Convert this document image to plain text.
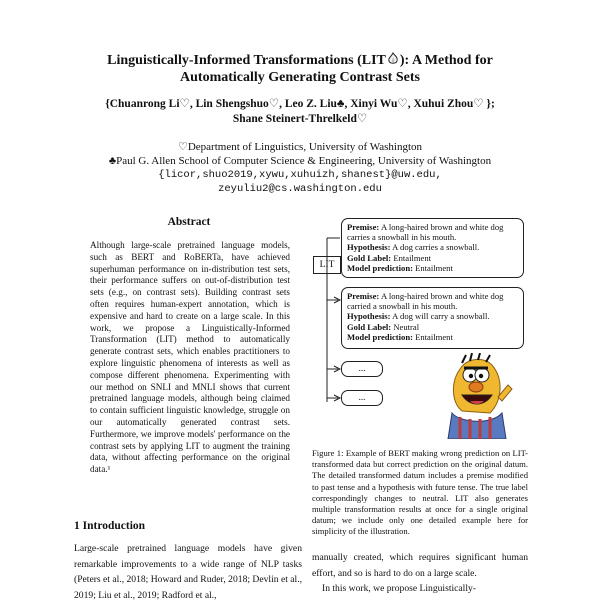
Linguistically-Informed Transformations (LIT ): A Method for
Automatically Generating Contrast Sets
{Chuanrong Li♡, Lin Shengshuo♡, Leo Z. Liu♣, Xinyi Wu♡, Xuhui Zhou♡ };
Shane Steinert-Threlkeld♡
♡Department of Linguistics, University of Washington
♣Paul G. Allen School of Computer Science & Engineering, University of Washington
{licor,shuo2019,xywu,xuhuizh,shanest}@uw.edu,
zeyuliu2@cs.washington.edu
Abstract

Although large-scale pretrained language models, such as BERT and RoBERTa, have achieved superhuman performance on in-distribution test sets, their performance suffers on out-of-distribution test sets (e.g., on contrast sets). Building contrast sets often requires human-expert annotation, which is expensive and hard to create on a large scale. In this work, we propose a Linguistically-Informed Transformation (LIT) method to automatically generate contrast sets, which enables practitioners to explore linguistic phenomena of interests as well as compose different phenomena. Experimenting with our method on SNLI and MNLI shows that current pretrained language models, although being claimed to contain sufficient linguistic knowledge, struggle on our automatically generated contrast sets. Furthermore, we improve models' performance on the contrast sets by applying LIT to augment the training data, without affecting performance on the original data.¹

1 Introduction

Large-scale pretrained language models have given remarkable improvements to a wide range of NLP tasks (Peters et al., 2018; Howard and Ruder, 2018; Devlin et al., 2019; Liu et al., 2019; Radford et al.,

LIT
Premise: A long-haired brown and white dog carries a snowball in his mouth.
Hypothesis: A dog carries a snowball.
Gold Label: Entailment
Model prediction: Entailment
Premise: A long-haired brown and white dog carried a snowball in his mouth.
Hypothesis: A dog will carry a snowball.
Gold Label: Neutral
Model prediction: Entailment
...
...

Figure 1: Example of BERT making wrong prediction on LIT-transformed data but correct prediction on the original datum. The detailed transformed datum includes a premise modified to past tense and a hypothesis with future tense. The true label correspondingly changes to neutral. LIT also generates multiple transformation results at once for a single original datum; we include only one detailed example here for simplicity of the illustration.

manually created, which requires significant human effort, and so is hard to do on a large scale.

In this work, we propose Linguistically-
